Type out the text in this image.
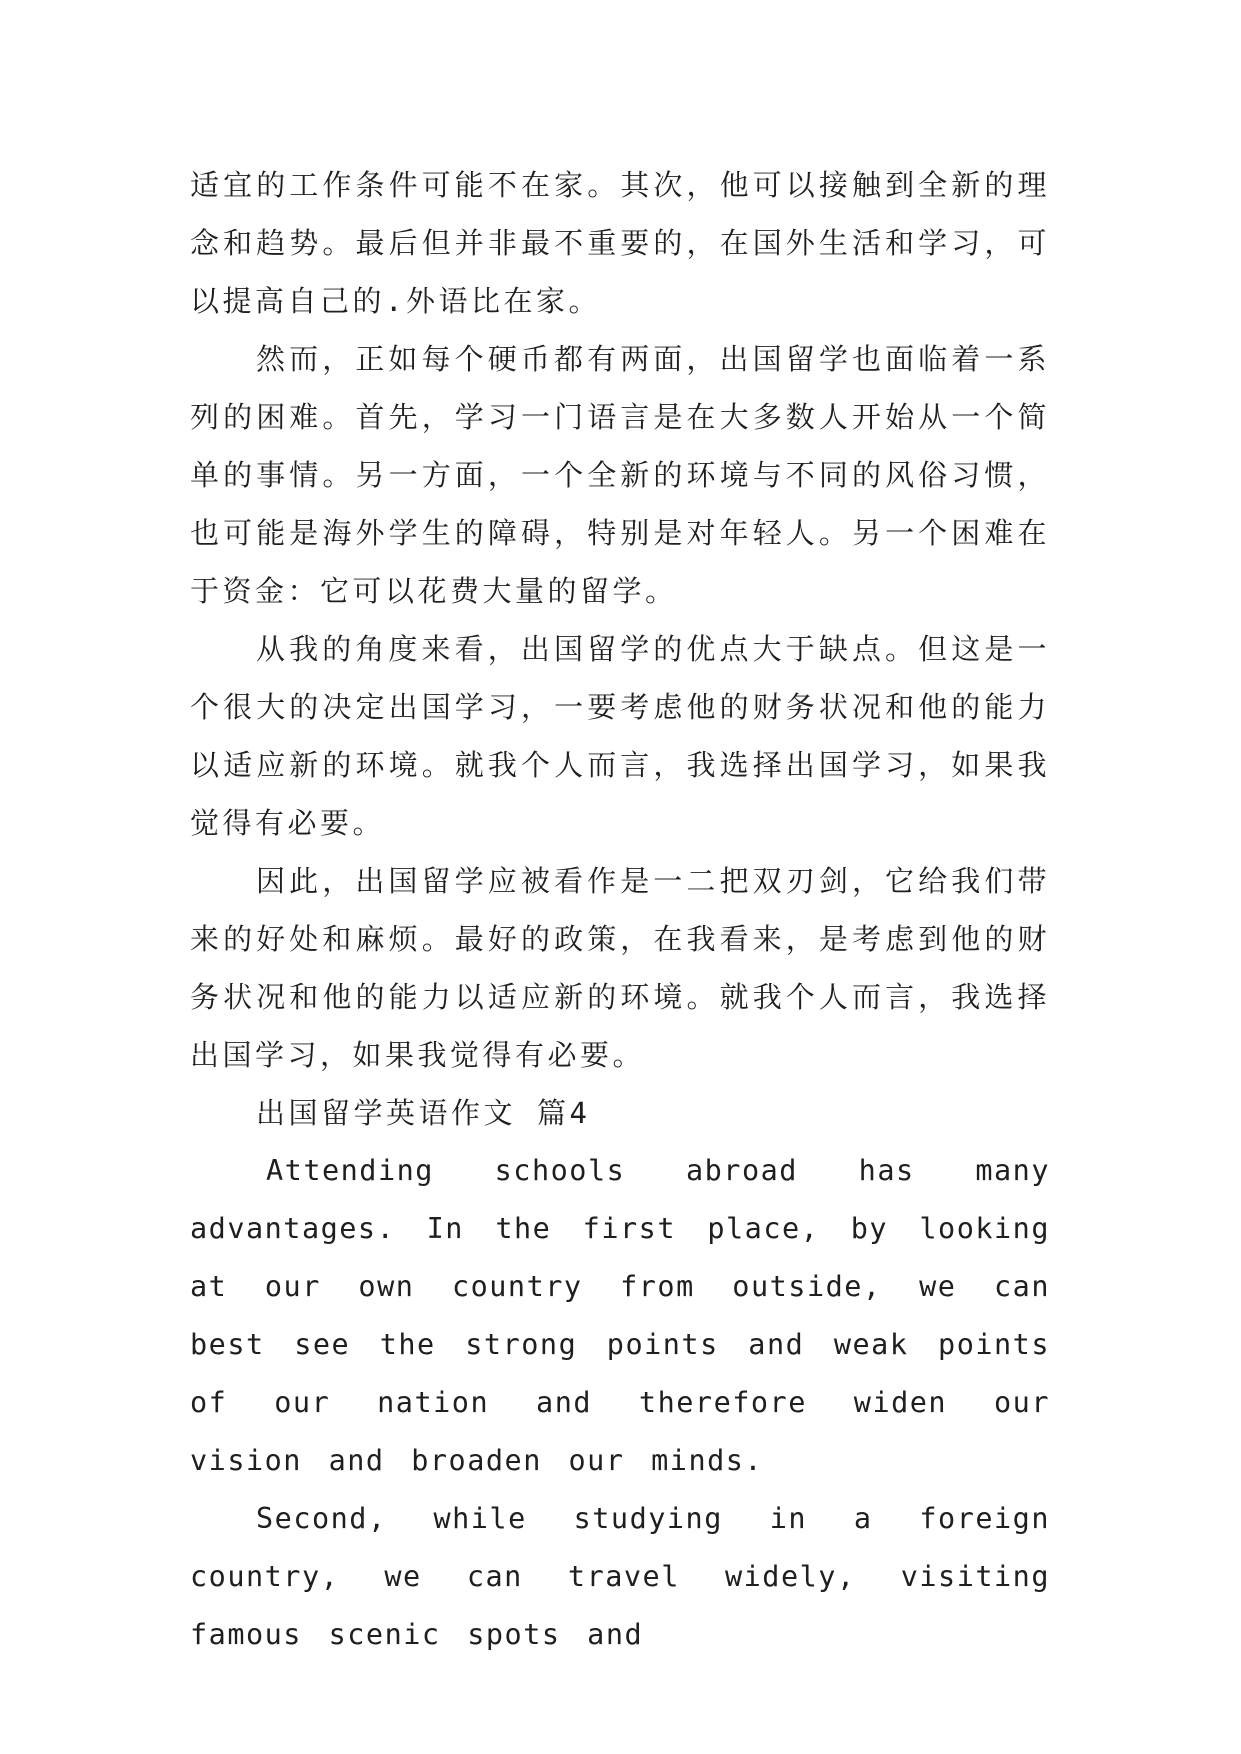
适宜的工作条件可能不在家。其次，他可以接触到全新的理念和趋势。最后但并非最不重要的，在国外生活和学习，可以提高自己的.外语比在家。

然而，正如每个硬币都有两面，出国留学也面临着一系列的困难。首先，学习一门语言是在大多数人开始从一个简单的事情。另一方面，一个全新的环境与不同的风俗习惯，也可能是海外学生的障碍，特别是对年轻人。另一个困难在于资金：它可以花费大量的留学。

从我的角度来看，出国留学的优点大于缺点。但这是一个很大的决定出国学习，一要考虑他的财务状况和他的能力以适应新的环境。就我个人而言，我选择出国学习，如果我觉得有必要。

因此，出国留学应被看作是一二把双刃剑，它给我们带来的好处和麻烦。最好的政策，在我看来，是考虑到他的财务状况和他的能力以适应新的环境。就我个人而言，我选择出国学习，如果我觉得有必要。

出国留学英语作文 篇4

Attending schools abroad has many advantages. In the first place, by looking at our own country from outside, we can best see the strong points and weak points of our nation and therefore widen our vision and broaden our minds.

Second, while studying in a foreign country, we can travel widely, visiting famous scenic spots and
